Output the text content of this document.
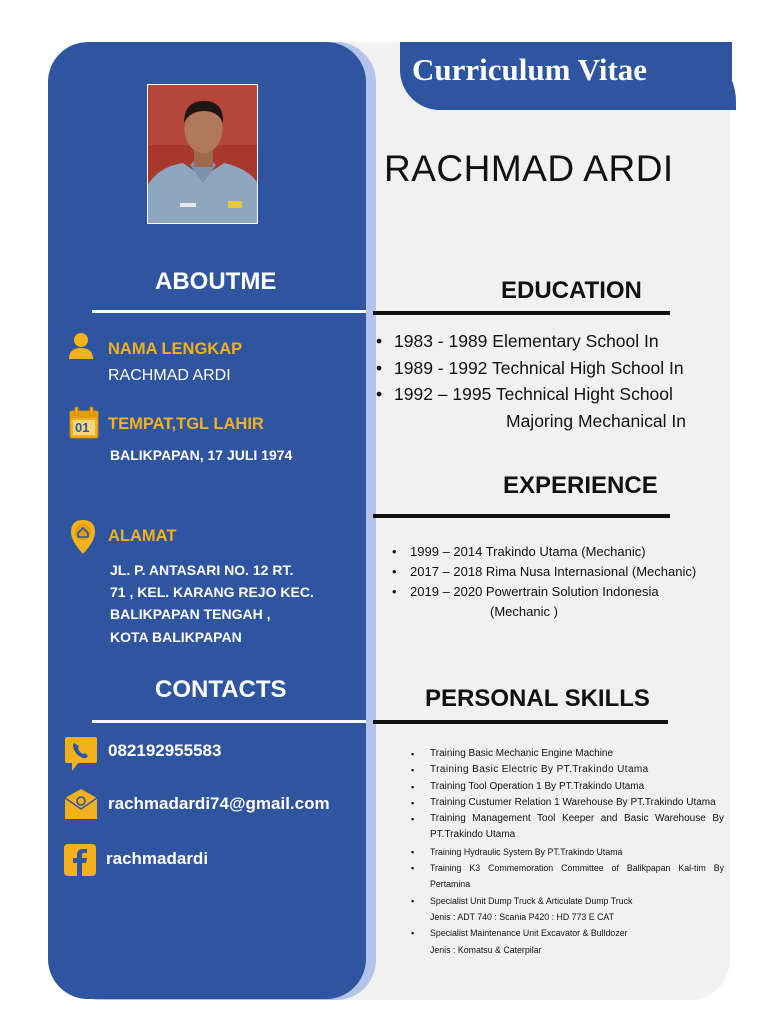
Curriculum Vitae
RACHMAD ARDI
ABOUTME
NAMA LENGKAP
RACHMAD ARDI
01 TEMPAT,TGL LAHIR
BALIKPAPAN, 17 JULI 1974
ALAMAT
JL. P. ANTASARI NO. 12 RT.
71 , KEL. KARANG REJO KEC.
BALIKPAPAN TENGAH ,
KOTA BALIKPAPAN
CONTACTS
082192955583
rachmadardi74@gmail.com
rachmadardi
EDUCATION
• 1983 - 1989 Elementary School In
• 1989 - 1992 Technical High School In
• 1992 – 1995 Technical Hight School
Majoring Mechanical In
EXPERIENCE
• 1999 – 2014 Trakindo Utama (Mechanic)
• 2017 – 2018 Rima Nusa Internasional (Mechanic)
• 2019 – 2020 Powertrain Solution Indonesia
(Mechanic )
PERSONAL SKILLS
▪ Training Basic Mechanic Engine Machine
▪ Training Basic Electric By PT.Trakindo Utama
▪ Training Tool Operation 1 By PT.Trakindo Utama
▪ Training Custumer Relation 1 Warehouse By PT.Trakindo Utama
▪ Training Management Tool Keeper and Basic Warehouse By PT.Trakindo Utama
▪ Training Hydraulic System By PT.Trakindo Utama
▪ Training K3 Commemoration Committee of Balikpapan Kal-tim By Pertamina
▪ Specialist Unit Dump Truck & Articulate Dump Truck
Jenis : ADT 740 : Scania P420 : HD 773 E CAT
▪ Specialist Maintenance Unit Excavator & Bulldozer
Jenis : Komatsu & Caterpilar
